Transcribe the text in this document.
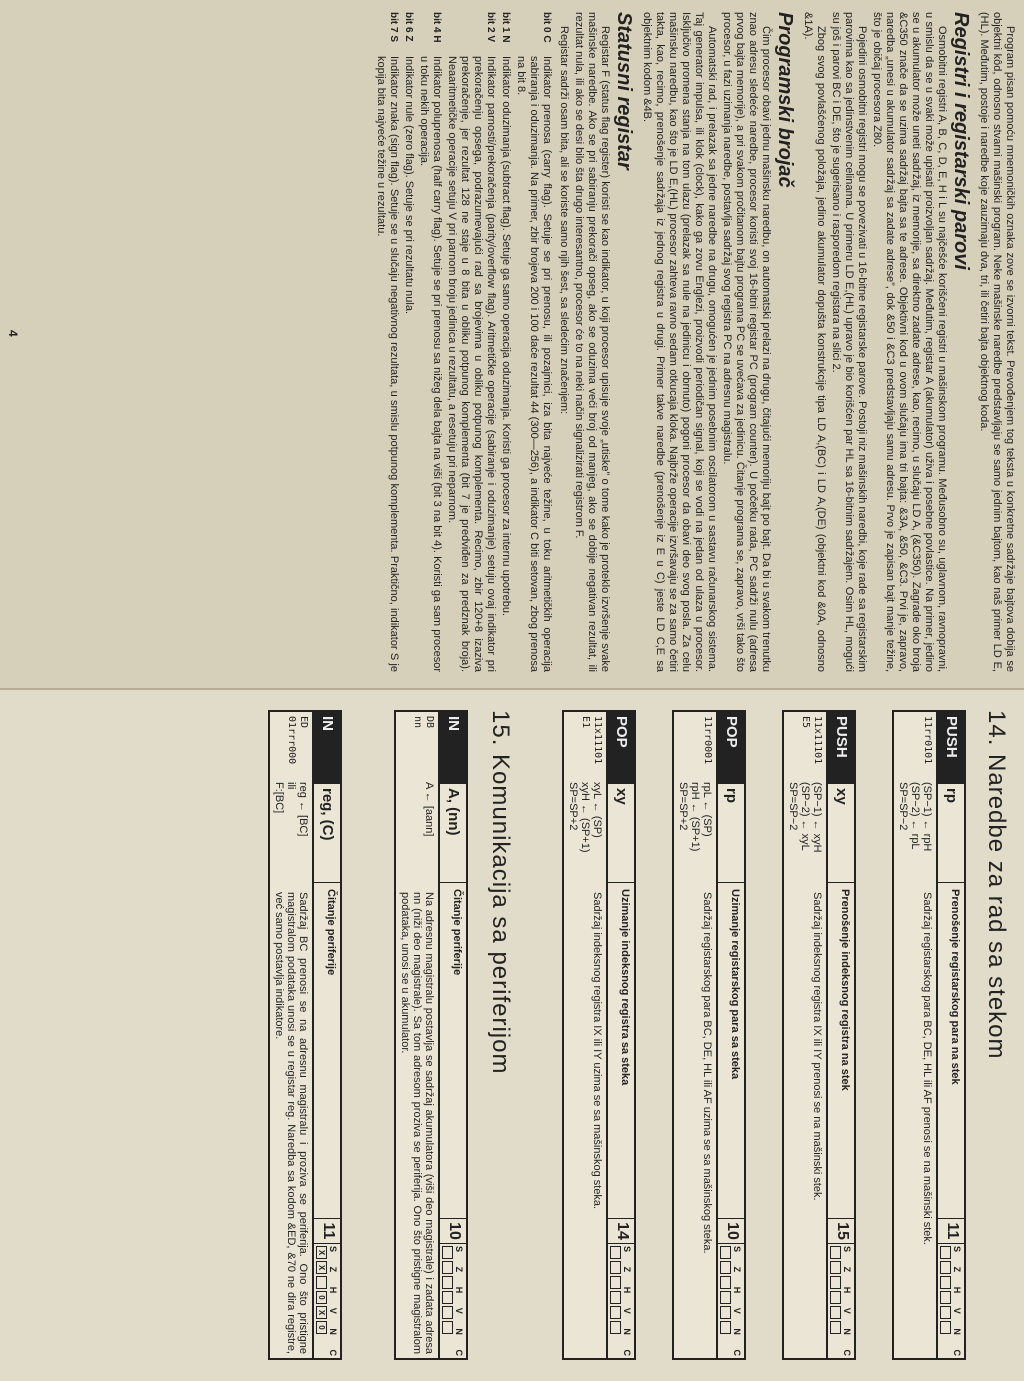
Program pisan pomoću mnemoničkih oznaka zove se izvorni tekst. Prevođenjem tog teksta u konkretne sadržaje bajtova dobija se objektni kôd, odnosno stvarni mašinski program. Neke mašinske naredbe predstavljaju se samo jednim bajtom, kao naš primer LD E, (HL). Međutim, postoje i naredbe koje zauzimaju dva, tri, ili četiri bajta objektnog koda.

Registri i registarski parovi

Osmobitni registri A, B, C, D, E, H i L su najčešće korišćeni registri u mašinskom programu. Međusobno su, uglavnom, ravnopravni, u smislu da se u svaki može upisati proizvoljan sadržaj. Međutim, registar A (akumulator) uživa i posebne povlastice. Na primer, jedino se u akumulator može uneti sadržaj, iz memorije, sa direktno zadate adrese, kao, recimo, u slučaju LD A, (&C350). Zagrade oko broja &C350 znače da se uzima sadržaj bajta sa te adrese. Objektivni kod u ovom slučaju ima tri bajta: &3A, &50, &C3. Prvi je, zapravo, naredba „unesi u akumulator sadržaj sa zadate adrese”, dok &50 i &C3 predstavljaju samu adresu. Prvo je zapisan bajt manje težine, što je običaj procesora Z80.

Pojedini osmobitni registri mogu se povezivati u 16-bitne registarske parove. Postoji niz mašinskih naredbi, koje rade sa registarskim parovima kao sa jedinstvenim celinama. U primeru LD E,(HL) upravo je bio korišćen par HL sa 16-bitnim sadržajem. Osim HL, mogući su još i parovi BC i DE, što je sugerisano i rasporedom registara na slici 2.

Zbog svog povlašćenog položaja, jedino akumulator dopušta konstrukcije tipa LD A,(BC) i LD A,(DE) (objektni kod &0A, odnosno &1A).

Programski brojač

Čim procesor obavi jednu mašinsku naredbu, on automatski prelazi na drugu, čitajući memoriju bajt po bajt. Da bi u svakom trenutku znao adresu sledeće naredbe, procesor koristi svoj 16-bitni registar PC (program counter). U početku rada, PC sadrži nulu (adresa prvog bajta memorije), a pri svakom pročitanom bajtu programa PC se uvećava za jedinicu. Čitanje programa se, zapravo, vrši tako što procesor, u fazi uzimanja naredbe, postavlja sadržaj svog registra PC na adresnu magistralu.

Automatski rad, i prelazak sa jedne naredbe na drugu, omogućen je jednim posebnim oscilatorom u sastavu računarskog sistema. Taj generator impulsa, ili klok (clock), kako ga zovu Englezi, proizvodi periodičan signal, koji se vodi na jedan od ulaza u procesor. Isključivo promena stanja na tom ulazu (prelazak sa nule na jedinicu i obrnuto) pogoni procesor da obavi deo svog posla. Za celu mašinsku naredbu, kao što je LD E,(HL) procesor zahteva ravno sedam otkucaja kloka. Najbrže operacije izvršavaju se za samo četiri takta, kao, recimo, prenošenje sadržaja iz jednog registra u drugi. Primer takve naredbe (prenošenje iz E u C) jeste LD C,E sa objektnim kodom &4B.

Statusni registar

Registar F (status flag register) koristi se kao indikator, u koji procesor upisuje svoje „utiske” o tome kako je proteklo izvršenje svake mašinske naredbe. Ako se pri sabiranju prekorači opseg, ako se oduzima veći broj od manjeg, ako se dobije negativan rezultat, ili rezultat nula, ili ako se desi bilo šta drugo interesantno, procesor će to na neki način signalizirati registrom F.

Registar sadrži osam bita, ali se koriste samo njih šest, sa sledećim značenjem:

bit 0 C
Indikator prenosa (carry flag). Setuje se pri prenosu, ili pozajmici, iza bita najveće težine, u toku aritmetičkih operacija sabiranja i oduzimanja. Na primer, zbir brojeva 200 i 100 daće rezultat 44 (300—256), a indikator C biti setovan, zbog prenosa na bit 8.
bit 1 N
Indikator oduzimanja (subtract flag). Setuje ga samo operacija oduzimanja. Koristi ga procesor za internu upotrebu.
bit 2 V
Indikator parnosti/prekoračenja (parity/overflow flag). Aritmetičke operacije (sabiranje i oduzimanje) setuju ovaj indikator pri prekoračenju opsega, podrazumevajući rad sa brojevima u obliku potpunog komplementa. Recimo, zbir 120+8 izaziva prekoračenje, jer rezultat 128 ne staje u 8 bita u obliku potpunog komplementa (bit 7 je predviđen za predznak broja). Neaaritmetičke operacije setuju V pri parnom broju jedinica u rezultatu, a resetuju pri neparnom.
bit 4 H
Indikator poluprenosa (half carry flag). Setuje se pri prenosu sa nižeg dela bajta na viši (bit 3 na bit 4). Koristi ga sam procesor u toku nekih operacija.
bit 6 Z
Indikator nule (zero flag). Setuje se pri rezultatu nula.
bit 7 S
Indikator znaka (sign flag). Setuje se u slučaju negativnog rezultata, u smislu potpunog komplementa. Praktično, indikator S je kopija bita najveće težine u rezultatu.
4
14. Naredbe za rad sa stekom
PUSH
rp
Prenošenje registarskog para na stek
11
S
Z
H
V
N
C
11rr0101
(SP−1) ← rpH
(SP−2) ← rpL
SP=SP−2
Sadržaj registarskog para BC, DE, HL ili AF prenosi se na mašinski stek.
PUSH
xy
Prenošenje indeksnog registra na stek
15
S
Z
H
V
N
C
11x11101
E5
(SP−1) ← xyH
(SP−2) ← xyL
SP=SP−2
Sadržaj indeksnog registra IX ili IY prenosi se na mašinski stek.
POP
rp
Uzimanje registarskog para sa steka
10
S
Z
H
V
N
C
11rr0001
rpL ← (SP)
rpH ← (SP+1)
SP=SP+2
Sadržaj registarskog para BC, DE, HL ili AF uzima se sa mašinskog steka.
POP
xy
Uzimanje indeksnog registra sa steka
14
S
Z
H
V
N
C
11x11101
E1
xyL ← (SP)
xyH ← (SP+1)
SP=SP+2
Sadržaj indeksnog registra IX ili IY uzima se sa mašinskog steka.
15. Komunikacija sa periferijom
IN
A, (nn)
Čitanje periferije
10
S
Z
H
V
N
C
DB
nn
A ← [aann]
Na adresnu magistralu postavlja se sadržaj akumulatora (viši deo magistrale) i zadata adresa nn (niži deo magistrale). Sa tom adresom proziva se periferija. Ono što pristigne magistralom podataka, unosi se u akumulator.
IN
reg, (C)
Čitanje periferije
11
S
Z
H
V
N
C
X
X
0
X
0
ED
01rrr000
reg ← [BC]
ili
F:[BC]
Sadržaj BC prenosi se na adresnu magistralu i proziva se periferija. Ono što pristigne magistralom podataka unosi se u registar reg. Naredba sa kodom &ED, &70 ne dira registre, već samo postavlja indikatore.
